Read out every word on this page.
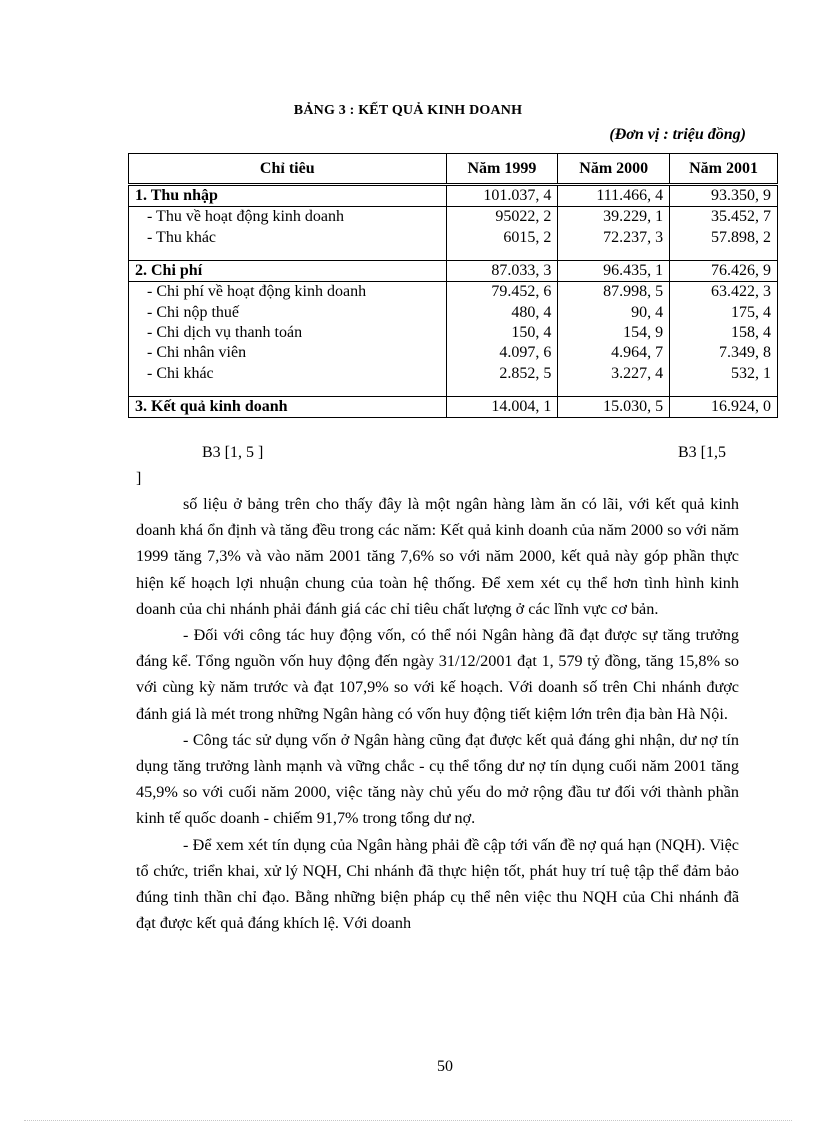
BẢNG 3 : KẾT QUẢ KINH DOANH
(Đơn vị : triệu đồng)
Chỉ tiêu	Năm 1999	Năm 2000	Năm 2001
1. Thu nhập	101.037, 4	111.466, 4	93.350, 9
- Thu về hoạt động kinh doanh	95022, 2	39.229, 1	35.452, 7
- Thu khác	6015, 2	72.237, 3	57.898, 2

2. Chi phí	87.033, 3	96.435, 1	76.426, 9
- Chi phí về hoạt động kinh doanh	79.452, 6	87.998, 5	63.422, 3
- Chi nộp thuế	480, 4	90, 4	175, 4
- Chi dịch vụ thanh toán	150, 4	154, 9	158, 4
- Chi nhân viên	4.097, 6	4.964, 7	7.349, 8
- Chi khác	2.852, 5	3.227, 4	532, 1

3. Kết quả kinh doanh	14.004, 1	15.030, 5	16.924, 0
B3 [1, 5 ]	B3 [1,5
]

số liệu ở bảng trên cho thấy đây là một ngân hàng làm ăn có lãi, với kết quả kinh doanh khá ổn định và tăng đều trong các năm: Kết quả kinh doanh của năm 2000 so với năm 1999 tăng 7,3% và vào năm 2001 tăng 7,6% so với năm 2000, kết quả này góp phần thực hiện kế hoạch lợi nhuận chung của toàn hệ thống. Để xem xét cụ thể hơn tình hình kinh doanh của chi nhánh phải đánh giá các chỉ tiêu chất lượng ở các lĩnh vực cơ bản.

- Đối với công tác huy động vốn, có thể nói Ngân hàng đã đạt được sự tăng trưởng đáng kể. Tổng nguồn vốn huy động đến ngày 31/12/2001 đạt 1, 579 tỷ đồng, tăng 15,8% so với cùng kỳ năm trước và đạt 107,9% so với kế hoạch. Với doanh số trên Chi nhánh được đánh giá là mét trong những Ngân hàng có vốn huy động tiết kiệm lớn trên địa bàn Hà Nội.

- Công tác sử dụng vốn ở Ngân hàng cũng đạt được kết quả đáng ghi nhận, dư nợ tín dụng tăng trưởng lành mạnh và vững chắc - cụ thể tổng dư nợ tín dụng cuối năm 2001 tăng 45,9% so với cuối năm 2000, việc tăng này chủ yếu do mở rộng đầu tư đối với thành phần kinh tế quốc doanh - chiếm 91,7% trong tổng dư nợ.

- Để xem xét tín dụng của Ngân hàng phải đề cập tới vấn đề nợ quá hạn (NQH). Việc tổ chức, triển khai, xử lý NQH, Chi nhánh đã thực hiện tốt, phát huy trí tuệ tập thể đảm bảo đúng tinh thần chỉ đạo. Bằng những biện pháp cụ thể nên việc thu NQH của Chi nhánh đã đạt được kết quả đáng khích lệ. Với doanh

50
